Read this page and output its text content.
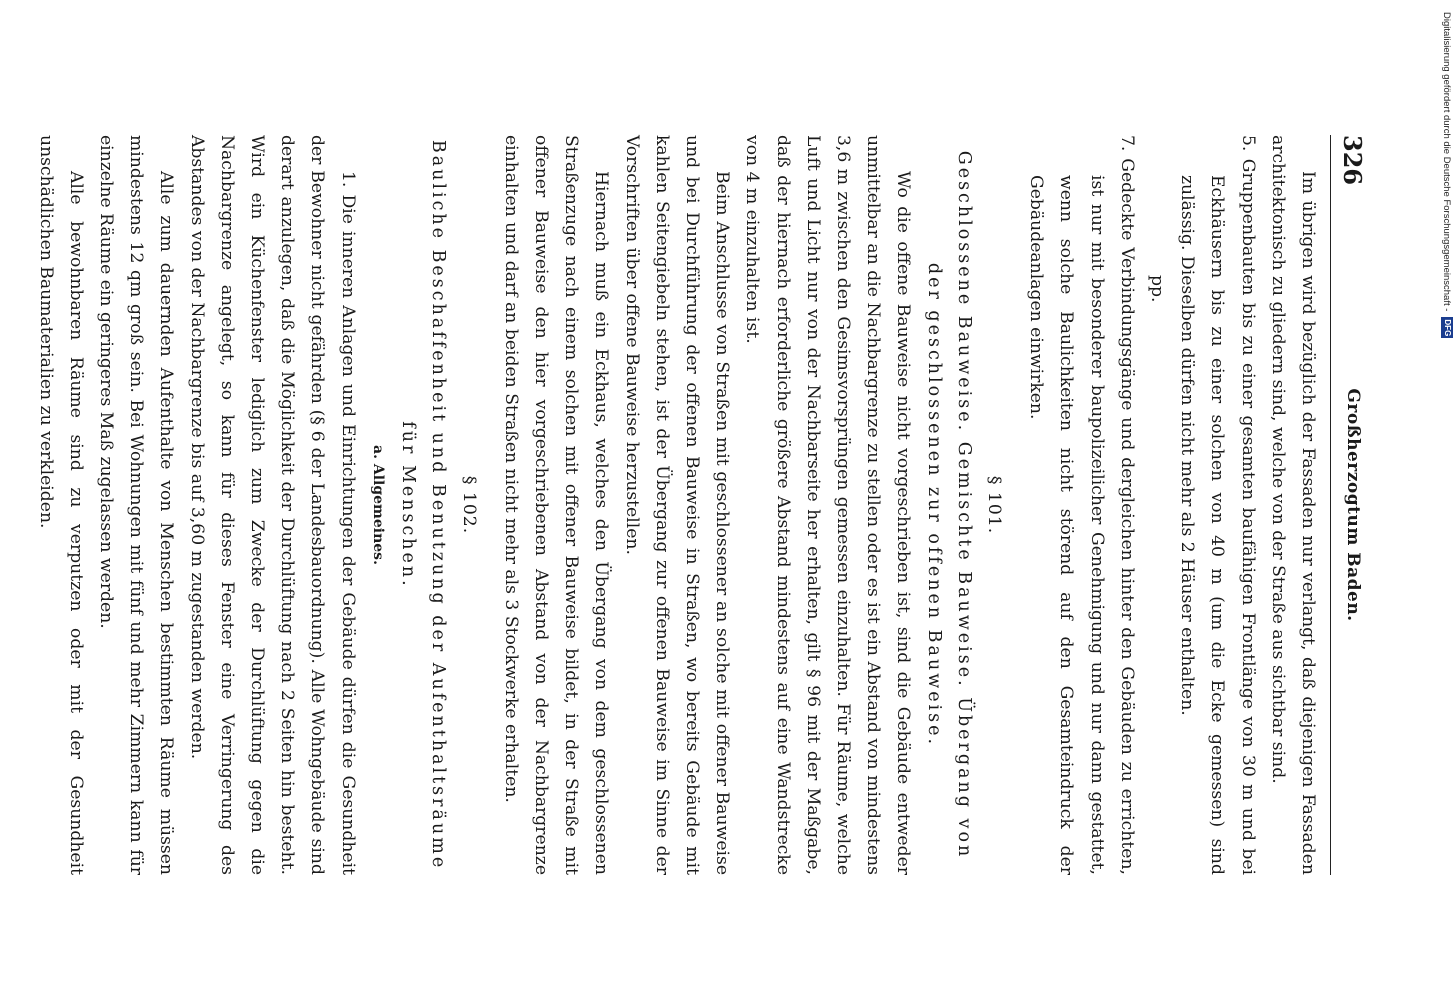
326
Großherzogtum Baden.

Im übrigen wird bezüglich der Fassaden nur verlangt, daß diejenigen Fassaden architektonisch zu gliedern sind, welche von der Straße aus sichtbar sind.

5. Gruppenbauten bis zu einer gesamten baufähigen Frontlänge von 30 m und bei Eckhäusern bis zu einer solchen von 40 m (um die Ecke gemessen) sind zulässig. Dieselben dürfen nicht mehr als 2 Häuser enthalten.

pp.

7. Gedeckte Verbindungsgänge und dergleichen hinter den Gebäuden zu errichten, ist nur mit besonderer baupolizeilicher Genehmigung und nur dann gestattet, wenn solche Baulichkeiten nicht störend auf den Gesamteindruck der Gebäudeanlagen einwirken.

§ 101.

Geschlossene Bauweise. Gemischte Bauweise. Übergang von der geschlossenen zur offenen Bauweise.

Wo die offene Bauweise nicht vorgeschrieben ist, sind die Gebäude entweder unmittelbar an die Nachbargrenze zu stellen oder es ist ein Abstand von mindestens 3,6 m zwischen den Gesimsvorsprüngen gemessen einzuhalten. Für Räume, welche Luft und Licht nur von der Nachbarseite her erhalten, gilt § 96 mit der Maßgabe, daß der hiernach erforderliche größere Abstand mindestens auf eine Wandstrecke von 4 m einzuhalten ist.

Beim Anschlusse von Straßen mit geschlossener an solche mit offener Bauweise und bei Durchführung der offenen Bauweise in Straßen, wo bereits Gebäude mit kahlen Seitengiebeln stehen, ist der Übergang zur offenen Bauweise im Sinne der Vorschriften über offene Bauweise herzustellen.

Hiernach muß ein Eckhaus, welches den Übergang von dem geschlossenen Straßenzuge nach einem solchen mit offener Bauweise bildet, in der Straße mit offener Bauweise den hier vorgeschriebenen Abstand von der Nachbargrenze einhalten und darf an beiden Straßen nicht mehr als 3 Stockwerke erhalten.

§ 102.

Bauliche Beschaffenheit und Benutzung der Aufenthaltsräume für Menschen.

a. Allgemeines.

1. Die inneren Anlagen und Einrichtungen der Gebäude dürfen die Gesundheit der Bewohner nicht gefährden (§ 6 der Landesbauordnung). Alle Wohngebäude sind derart anzulegen, daß die Möglichkeit der Durchlüftung nach 2 Seiten hin besteht. Wird ein Küchenfenster lediglich zum Zwecke der Durchlüftung gegen die Nachbargrenze angelegt, so kann für dieses Fenster eine Verringerung des Abstandes von der Nachbargrenze bis auf 3,60 m zugestanden werden.

Alle zum dauernden Aufenthalte von Menschen bestimmten Räume müssen mindestens 12 qm groß sein. Bei Wohnungen mit fünf und mehr Zimmern kann für einzelne Räume ein geringeres Maß zugelassen werden.

Alle bewohnbaren Räume sind zu verputzen oder mit der Gesundheit unschädlichen Baumaterialien zu verkleiden.	Digitalisierung gefördert durch die Deutsche Forschungsgemeinschaft -
DFG
